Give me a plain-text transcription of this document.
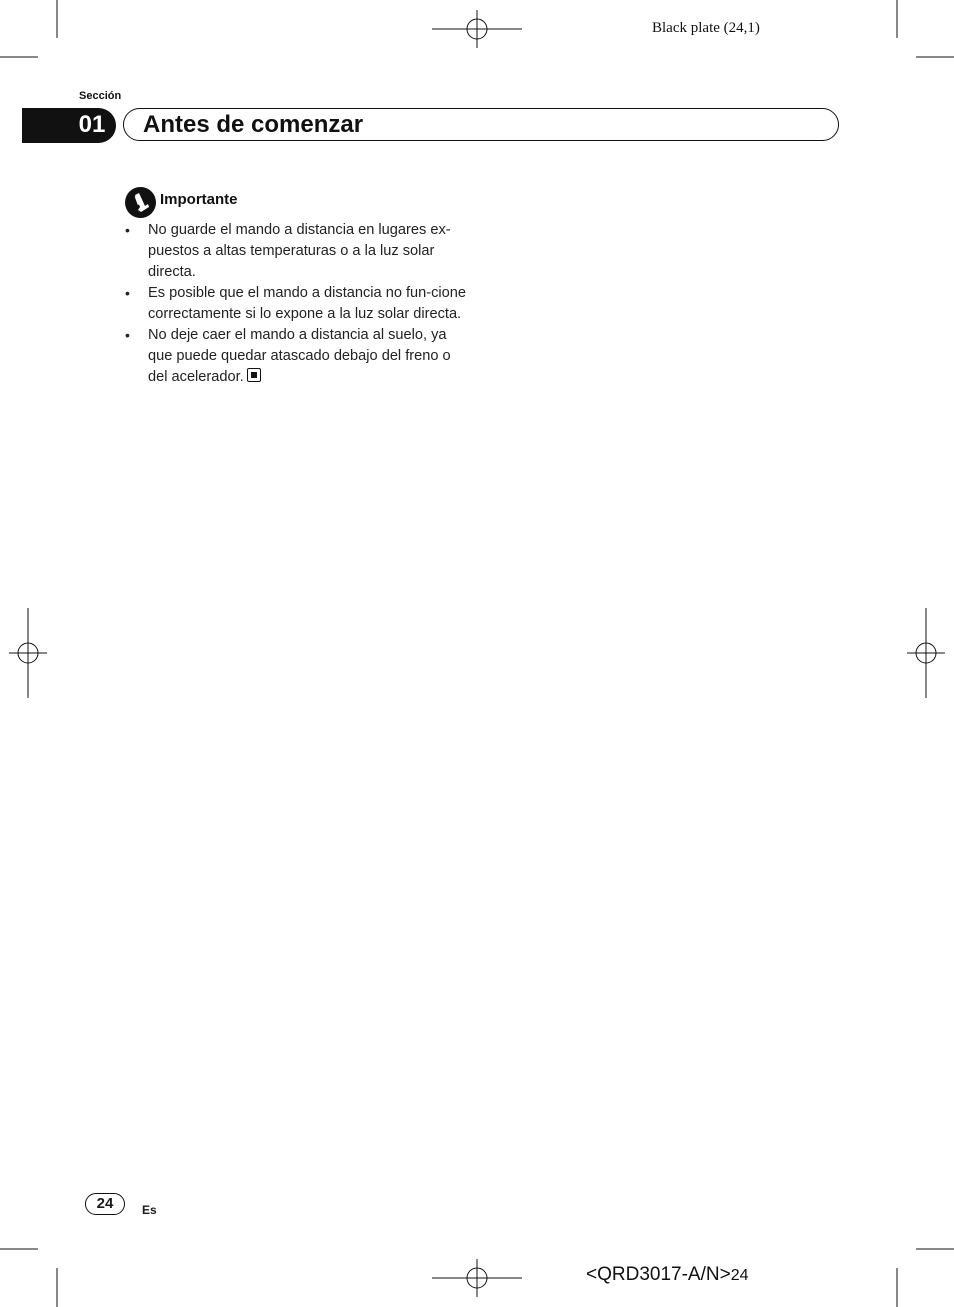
Black plate (24,1)
Sección
01 Antes de comenzar
Importante
• No guarde el mando a distancia en lugares ex-puestos a altas temperaturas o a la luz solar directa.
• Es posible que el mando a distancia no fun-cione correctamente si lo expone a la luz solar directa.
• No deje caer el mando a distancia al suelo, ya que puede quedar atascado debajo del freno o del acelerador.
24	Es
<QRD3017-A/N>24
